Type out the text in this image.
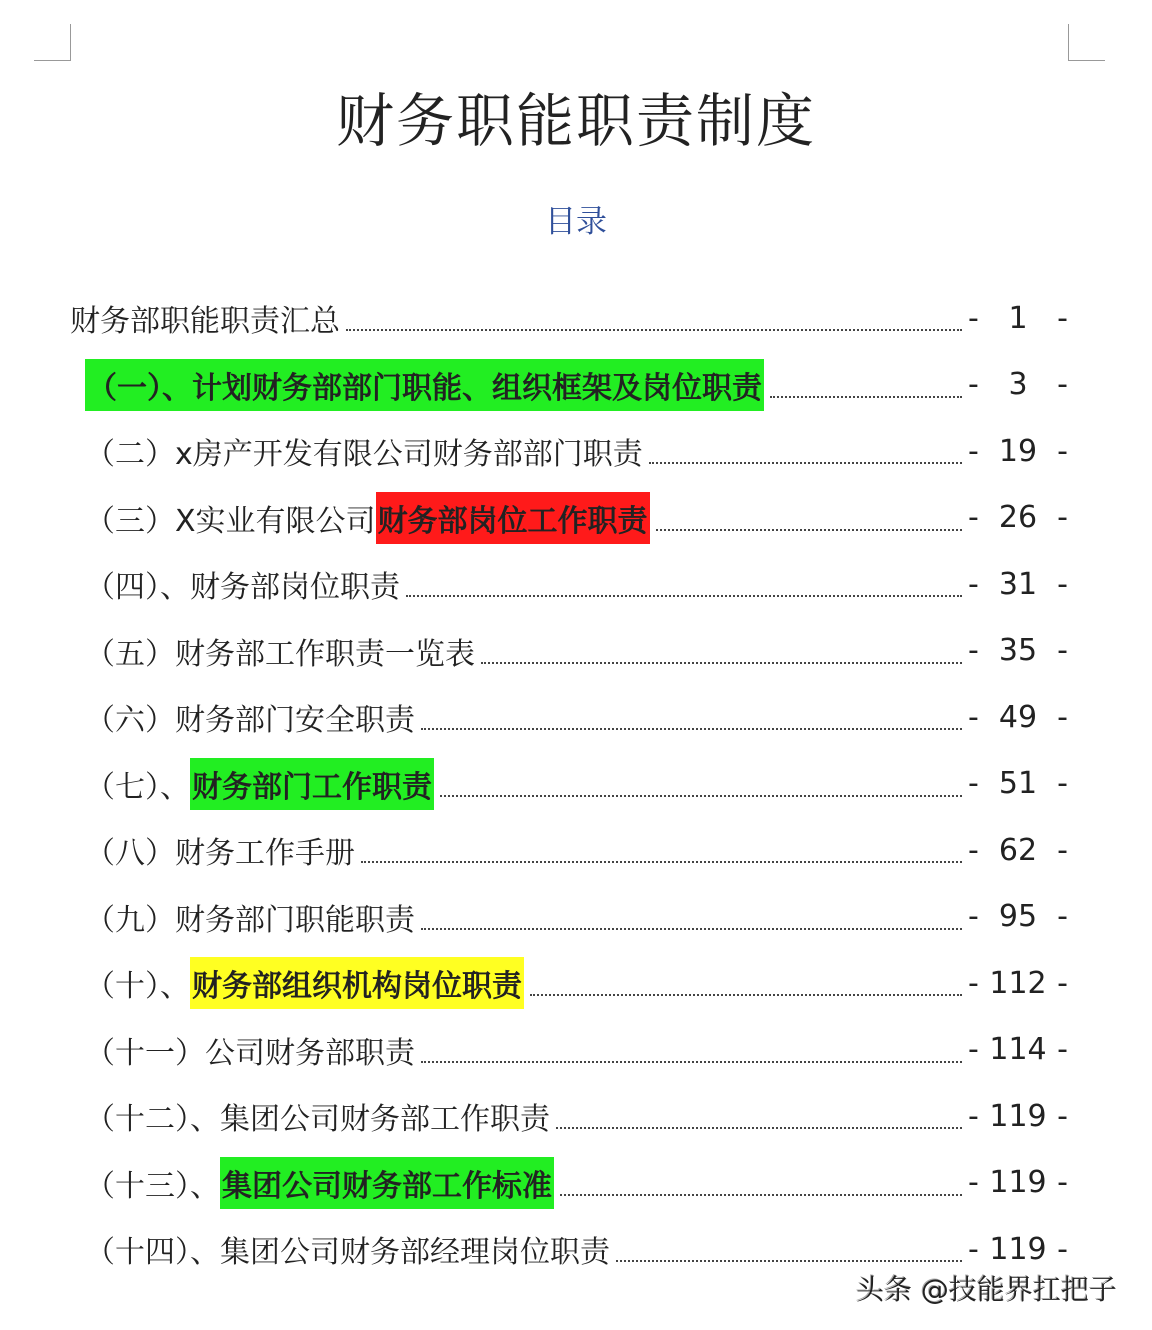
财务职能职责制度
目录
财务部职能职责汇总	- 1 -
（一）、计划财务部部门职能、组织框架及岗位职责	- 3 -
（二）x房产开发有限公司财务部部门职责	- 19 -
（三）X实业有限公司 财务部岗位工作职责	- 26 -
（四）、财务部岗位职责	- 31 -
（五）财务部工作职责一览表	- 35 -
（六）财务部门安全职责	- 49 -
（七）、 财务部门工作职责	- 51 -
（八）财务工作手册	- 62 -
（九）财务部门职能职责	- 95 -
（十）、 财务部组织机构岗位职责	- 112 -
（十一）公司财务部职责	- 114 -
（十二）、集团公司财务部工作职责	- 119 -
（十三）、 集团公司财务部工作标准	- 119 -
（十四）、集团公司财务部经理岗位职责	- 119 -
头条 @技能界扛把子
